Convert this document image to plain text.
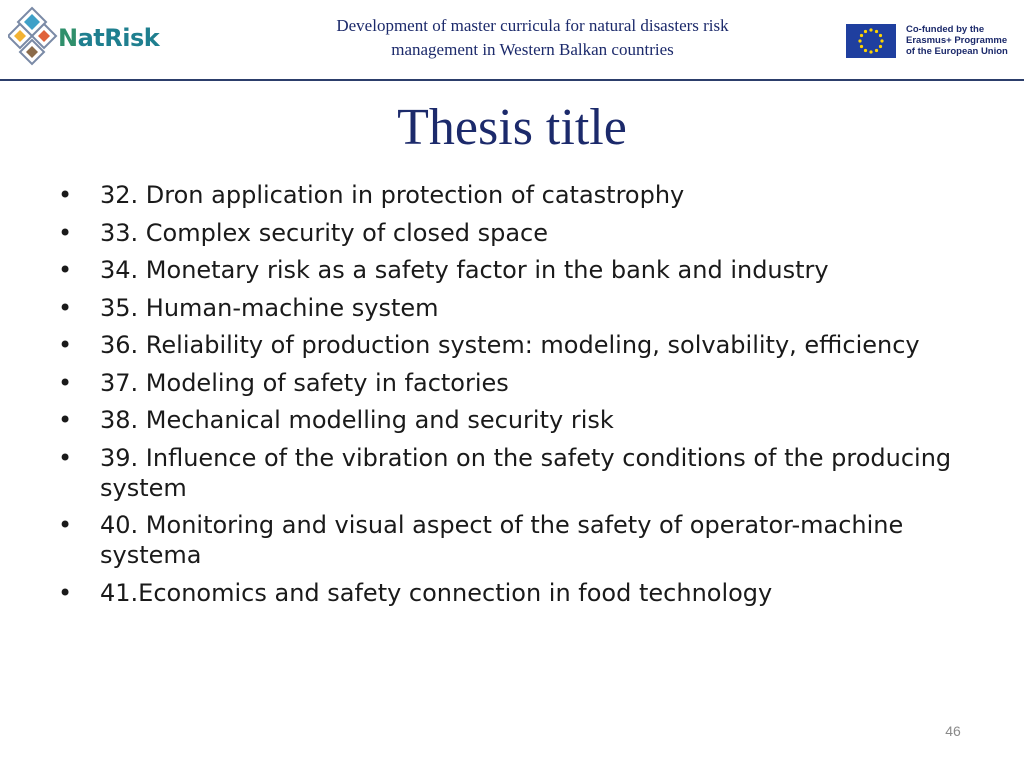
NatRisk	Development of master curricula for natural disasters risk
management in Western Balkan countries
Co-funded by the
Erasmus+ Programme
of the European Union
Thesis title
• 32. Dron application in protection of catastrophy
• 33. Complex security of closed space
• 34. Monetary risk as a safety factor in the bank and industry
• 35. Human-machine system
• 36. Reliability of production system: modeling, solvability, efficiency
• 37. Modeling of safety in factories
• 38. Mechanical modelling and security risk
• 39. Influence of the vibration on the safety conditions of the producing system
• 40. Monitoring and visual aspect of the safety of operator-machine systema
• 41.Economics and safety connection in food technology
46
